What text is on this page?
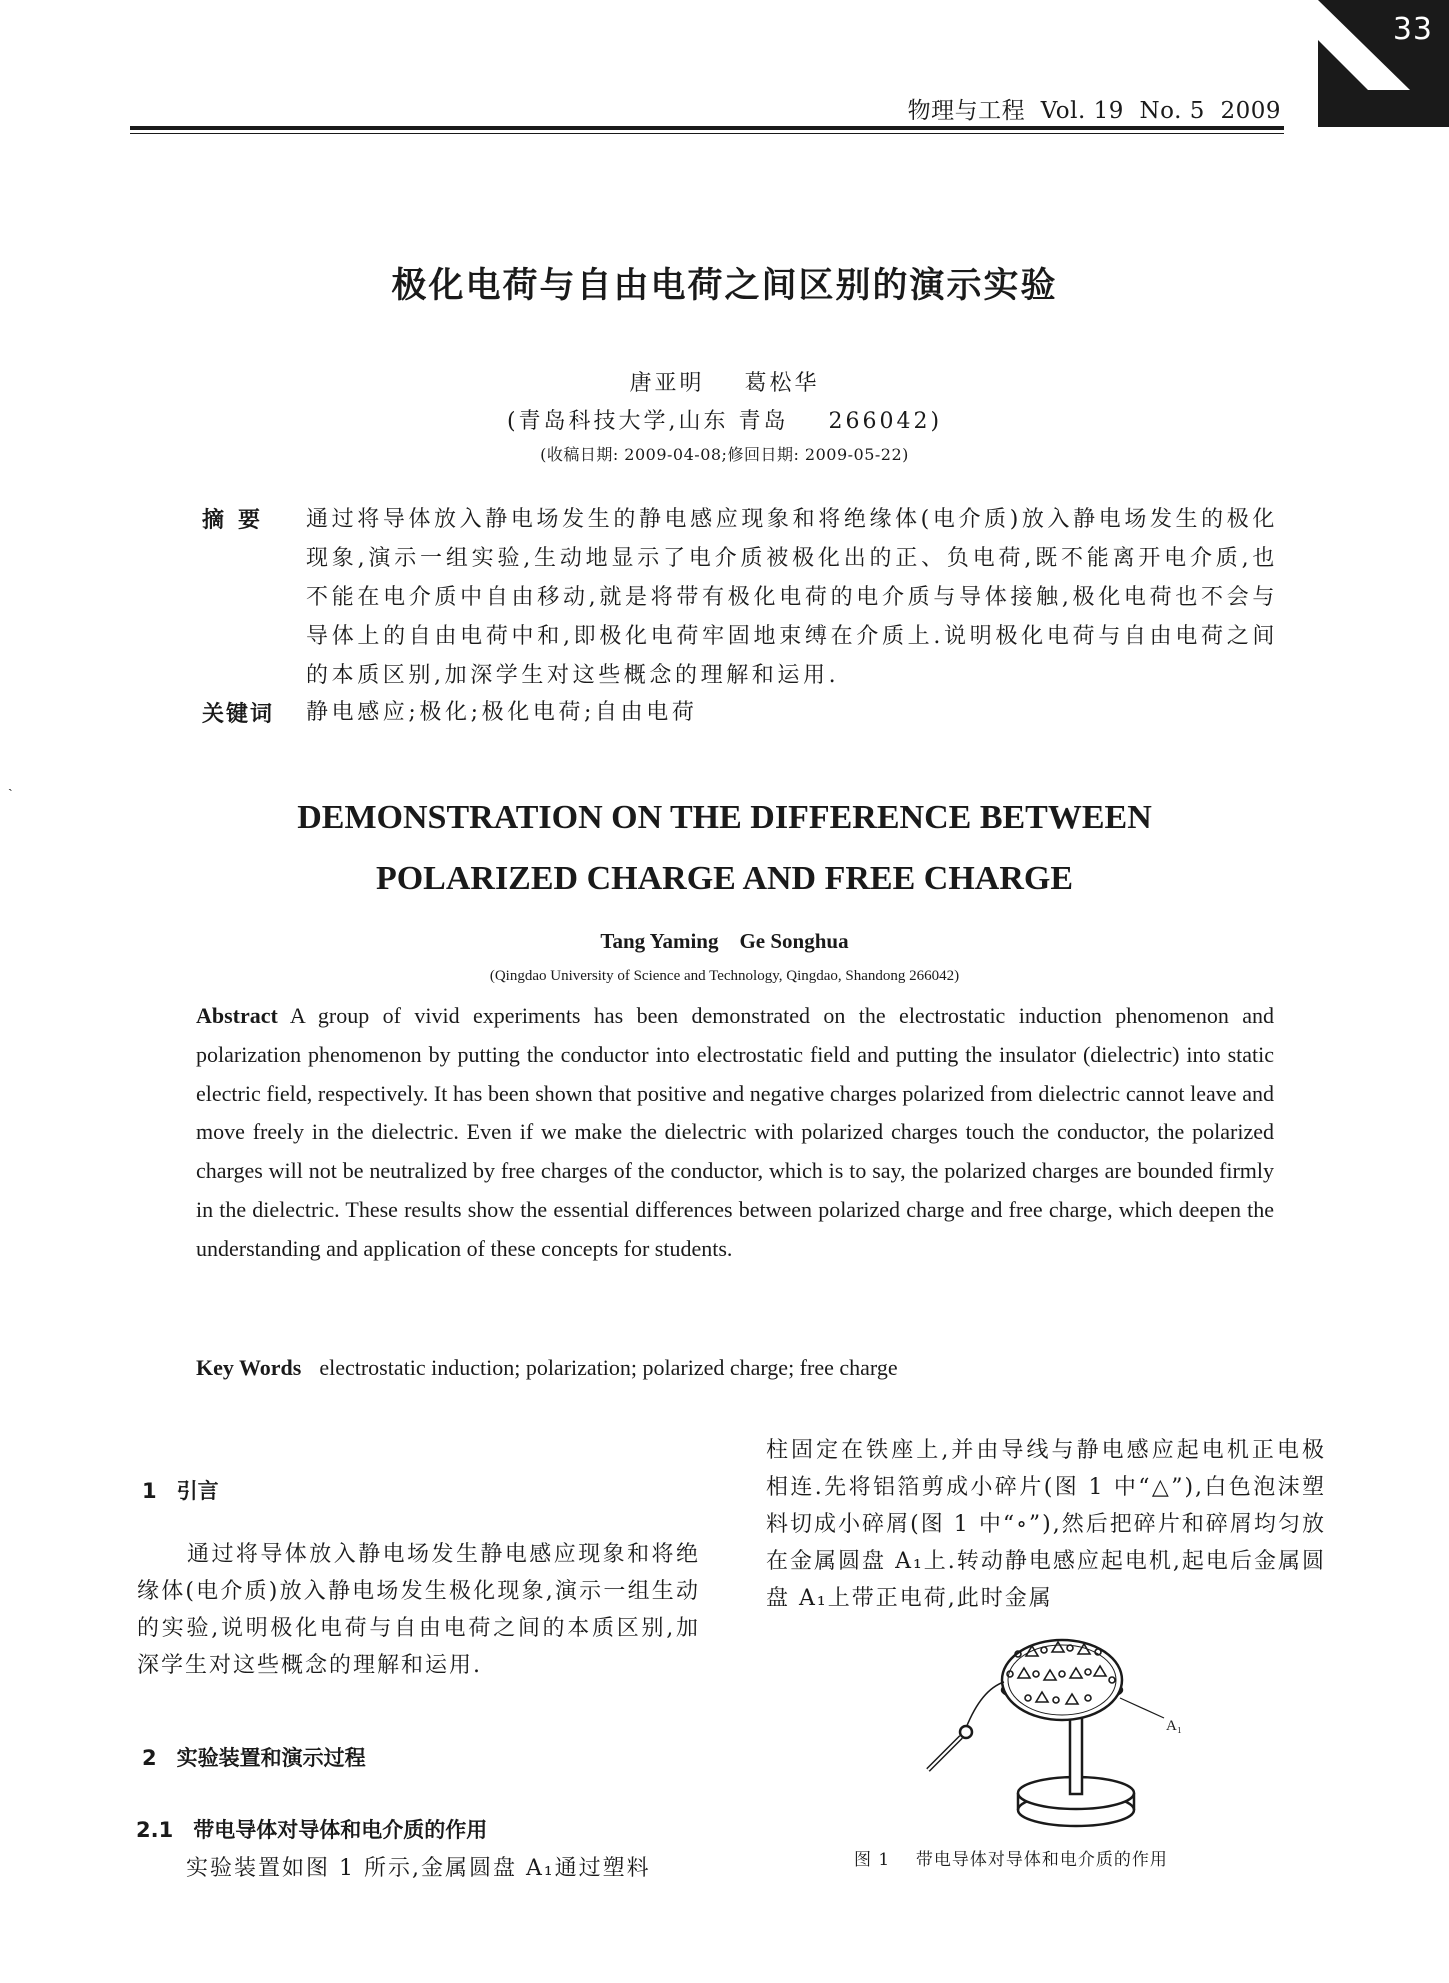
33
物理与工程 Vol. 19 No. 5 2009
极化电荷与自由电荷之间区别的演示实验
唐亚明    葛松华
(青岛科技大学,山东 青岛    266042)
(收稿日期: 2009-04-08;修回日期: 2009-05-22)
摘要 通过将导体放入静电场发生的静电感应现象和将绝缘体(电介质)放入静电场发生的极化现象,演示一组实验,生动地显示了电介质被极化出的正、负电荷,既不能离开电介质,也不能在电介质中自由移动,就是将带有极化电荷的电介质与导体接触,极化电荷也不会与导体上的自由电荷中和,即极化电荷牢固地束缚在介质上.说明极化电荷与自由电荷之间的本质区别,加深学生对这些概念的理解和运用.
关键词 静电感应;极化;极化电荷;自由电荷
ˏ
DEMONSTRATION ON THE DIFFERENCE BETWEEN
POLARIZED CHARGE AND FREE CHARGE
Tang Yaming    Ge Songhua
(Qingdao University of Science and Technology, Qingdao, Shandong 266042)
Abstract A group of vivid experiments has been demonstrated on the electrostatic induction phenomenon and polarization phenomenon by putting the conductor into electrostatic field and putting the insulator (dielectric) into static electric field, respectively. It has been shown that positive and negative charges polarized from dielectric cannot leave and move freely in the dielectric. Even if we make the dielectric with polarized charges touch the conductor, the polarized charges will not be neutralized by free charges of the conductor, which is to say, the polarized charges are bounded firmly in the dielectric. These results show the essential differences between polarized charge and free charge, which deepen the understanding and application of these concepts for students.
Key Words electrostatic induction; polarization; polarized charge; free charge
1 引言
通过将导体放入静电场发生静电感应现象和将绝缘体(电介质)放入静电场发生极化现象,演示一组生动的实验,说明极化电荷与自由电荷之间的本质区别,加深学生对这些概念的理解和运用.
2 实验装置和演示过程
2.1 带电导体对导体和电介质的作用
实验装置如图 1 所示,金属圆盘 A₁通过塑料
柱固定在铁座上,并由导线与静电感应起电机正电极相连.先将铝箔剪成小碎片(图 1 中“△”),白色泡沫塑料切成小碎屑(图 1 中“∘”),然后把碎片和碎屑均匀放在金属圆盘 A₁上.转动静电感应起电机,起电后金属圆盘 A₁上带正电荷,此时金属
A₁
图 1    带电导体对导体和电介质的作用
